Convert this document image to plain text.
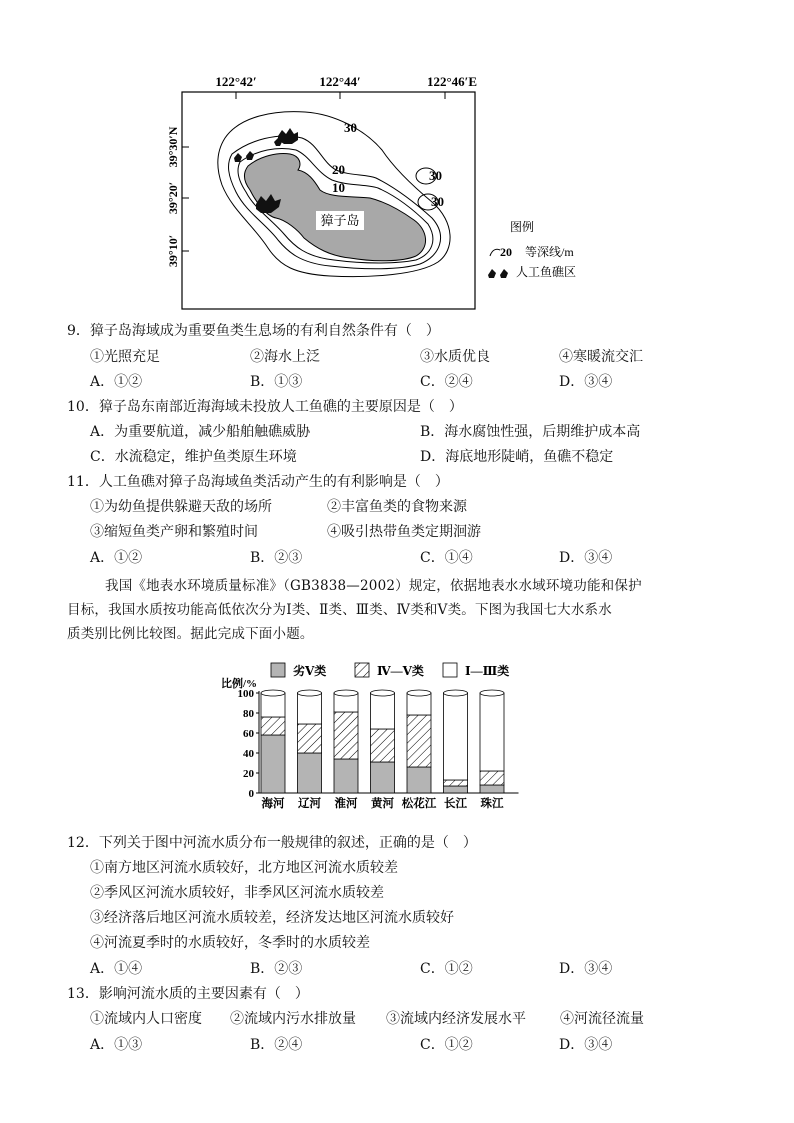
122°42′	122°44′	122°46′E
39°30′N
39°20′
39°10′
30
20
10
30
30
獐子岛	图例
20 等深线/m
人工鱼礁区
9．獐子岛海域成为重要鱼类生息场的有利自然条件有（　）
①光照充足	②海水上泛	③水质优良	④寒暖流交汇
A．①②	B．①③	C．②④	D．③④
10．獐子岛东南部近海海域未投放人工鱼礁的主要原因是（　）
A．为重要航道，减少船舶触礁威胁	B．海水腐蚀性强，后期维护成本高
C．水流稳定，维护鱼类原生环境	D．海底地形陡峭，鱼礁不稳定
11．人工鱼礁对獐子岛海域鱼类活动产生的有利影响是（　）
①为幼鱼提供躲避天敌的场所	②丰富鱼类的食物来源
③缩短鱼类产卵和繁殖时间	④吸引热带鱼类定期洄游
A．①②	B．②③	C．①④	D．③④
我国《地表水环境质量标准》（GB3838—2002）规定，依据地表水水域环境功能和保护
目标，我国水质按功能高低依次分为Ⅰ类、Ⅱ类、Ⅲ类、Ⅳ类和Ⅴ类。下图为我国七大水系水
质类别比例比较图。据此完成下面小题。
劣Ⅴ类	Ⅳ—Ⅴ类	Ⅰ—Ⅲ类
比例/%
0
20
40
60
80
100
海河 辽河 淮河 黄河 松花江 长江 珠江
12．下列关于图中河流水质分布一般规律的叙述，正确的是（　）
①南方地区河流水质较好，北方地区河流水质较差
②季风区河流水质较好，非季风区河流水质较差
③经济落后地区河流水质较差，经济发达地区河流水质较好
④河流夏季时的水质较好，冬季时的水质较差
A．①④	B．②③	C．①②	D．③④
13．影响河流水质的主要因素有（　）
①流域内人口密度 ②流域内污水排放量 ③流域内经济发展水平 ④河流径流量
A．①③	B．②④	C．①②	D．③④
